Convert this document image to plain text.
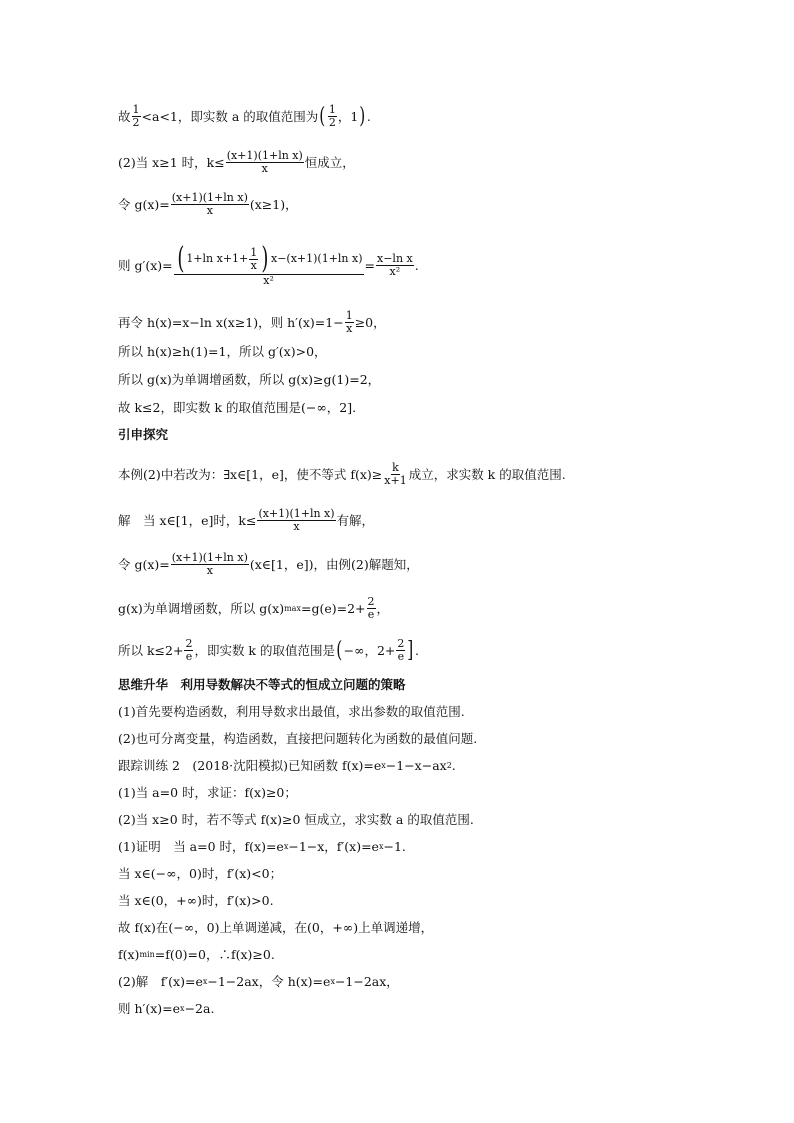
故 $\frac{1}{2} <a<1$，即实数 a 的取值范围为 ( $\frac{1}{2}$ ，1 ) .
(2)当 x≥1 时，$k\le \frac{\text{(x+1)(1+ln x)}}{x}$ 恒成立，
令 $g(x)= \frac{\text{(x+1)(1+ln x)}}{x} (x\ge 1)$，
则 $g'(x)= \frac{( 1+\ln x+1+ \frac{1}{x} ) x-(x+1)(1+\ln x)}{\text{x²}} = \frac{\text{x−ln x}}{\text{x²}}$ .
再令 h(x)=x−ln x(x≥1)，则 $h'(x)=1- \frac{1}{x} \ge 0$，
所以 h(x)≥h(1)=1，所以 g′(x)>0，
所以 g(x)为单调增函数，所以 g(x)≥g(1)=2，
故 k≤2，即实数 k 的取值范围是(−∞，2].
引申探究
本例(2)中若改为：∃x∈[1，e]，使不等式 $f(x)\ge \frac{k}{x+1}$ 成立，求实数 k 的取值范围.
解　当 x∈[1，e]时，$k\le \frac{\text{(x+1)(1+ln x)}}{x}$ 有解，
令 $g(x)= \frac{\text{(x+1)(1+ln x)}}{x}$ (x∈[1，e])，由例(2)解题知，
g(x)为单调增函数，所以 g(x) $\max =g(e)=2+ \frac{2}{e}$ ，
所以 $k\le 2+ \frac{2}{e}$ ，即实数 k 的取值范围是 ( −∞，$2+ \frac{2}{e}$ ] .
思维升华　利用导数解决不等式的恒成立问题的策略
(1)首先要构造函数，利用导数求出最值，求出参数的取值范围.
(2)也可分离变量，构造函数，直接把问题转化为函数的最值问题.
跟踪训练 2　(2018·沈阳模拟)已知函数 f(x)=e x −1−x−ax 2 .
(1)当 a=0 时，求证：f(x)≥0；
(2)当 x≥0 时，若不等式 f(x)≥0 恒成立，求实数 a 的取值范围.
(1)证明　当 a=0 时，f(x)=e x −1−x，f′(x)=e x −1.
当 x∈(−∞，0)时，f′(x)<0；
当 x∈(0，+∞)时，f′(x)>0.
故 f(x)在(−∞，0)上单调递减，在(0，+∞)上单调递增，
f(x) min =f(0)=0，∴f(x)≥0.
(2)解　f′(x)=e x −1−2ax，令 h(x)=e x −1−2ax，
则 h′(x)=e x −2a.
